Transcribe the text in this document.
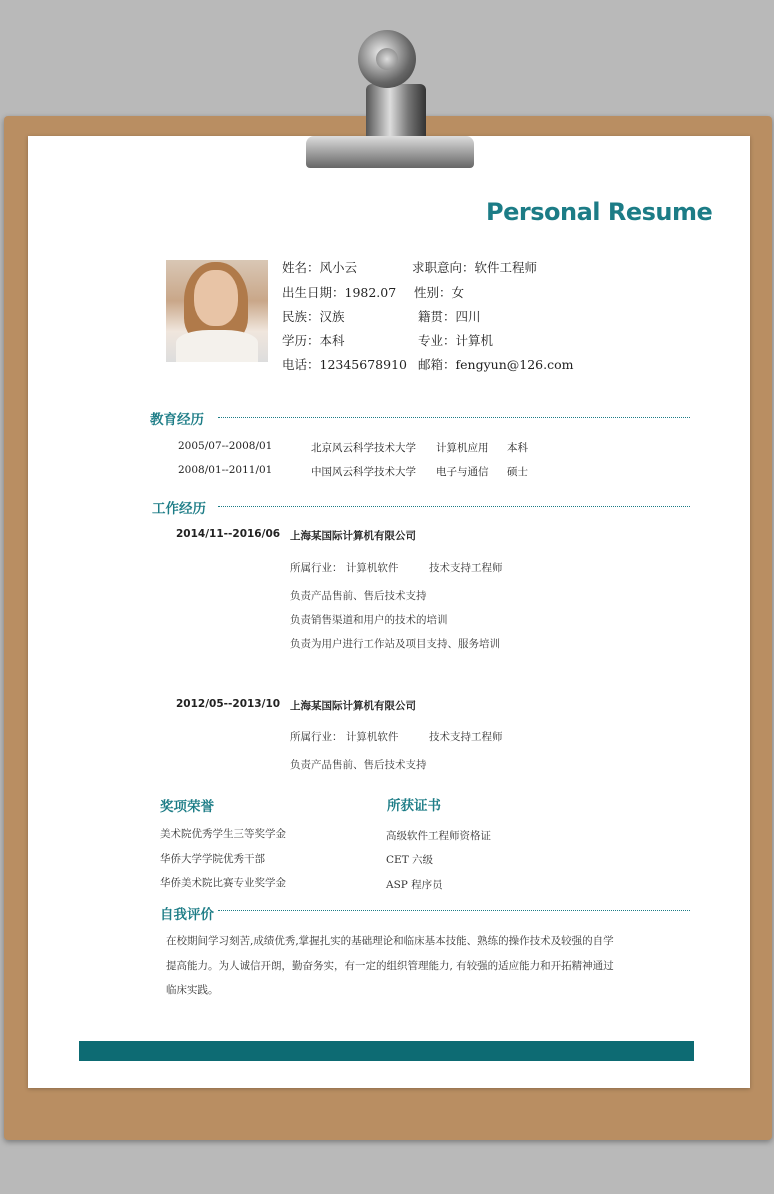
Personal Resume
姓名：风小云	求职意向：软件工程师
出生日期：1982.07 性别：女
民族：汉族	籍贯：四川
学历：本科	专业：计算机
电话：12345678910 邮箱：fengyun@126.com
教育经历
2005/07--2008/01	北京风云科学技术大学 计算机应用 本科
2008/01--2011/01	中国风云科学技术大学 电子与通信 硕士
工作经历
2014/11--2016/06 上海某国际计算机有限公司
所属行业： 计算机软件	技术支持工程师
负责产品售前、售后技术支持
负责销售渠道和用户的技术的培训
负责为用户进行工作站及项目支持、服务培训
2012/05--2013/10 上海某国际计算机有限公司
所属行业： 计算机软件	技术支持工程师
奖项荣誉
美术院优秀学生三等奖学金
华侨大学学院优秀干部
华侨美术院比赛专业奖学金
所获证书
高级软件工程师资格证
CET 六级
ASP 程序员
自我评价
在校期间学习刻苦,成绩优秀,掌握扎实的基础理论和临床基本技能、熟练的操作技术及较强的自学
提高能力。为人诚信开朗，勤奋务实，有一定的组织管理能力, 有较强的适应能力和开拓精神通过
临床实践。
